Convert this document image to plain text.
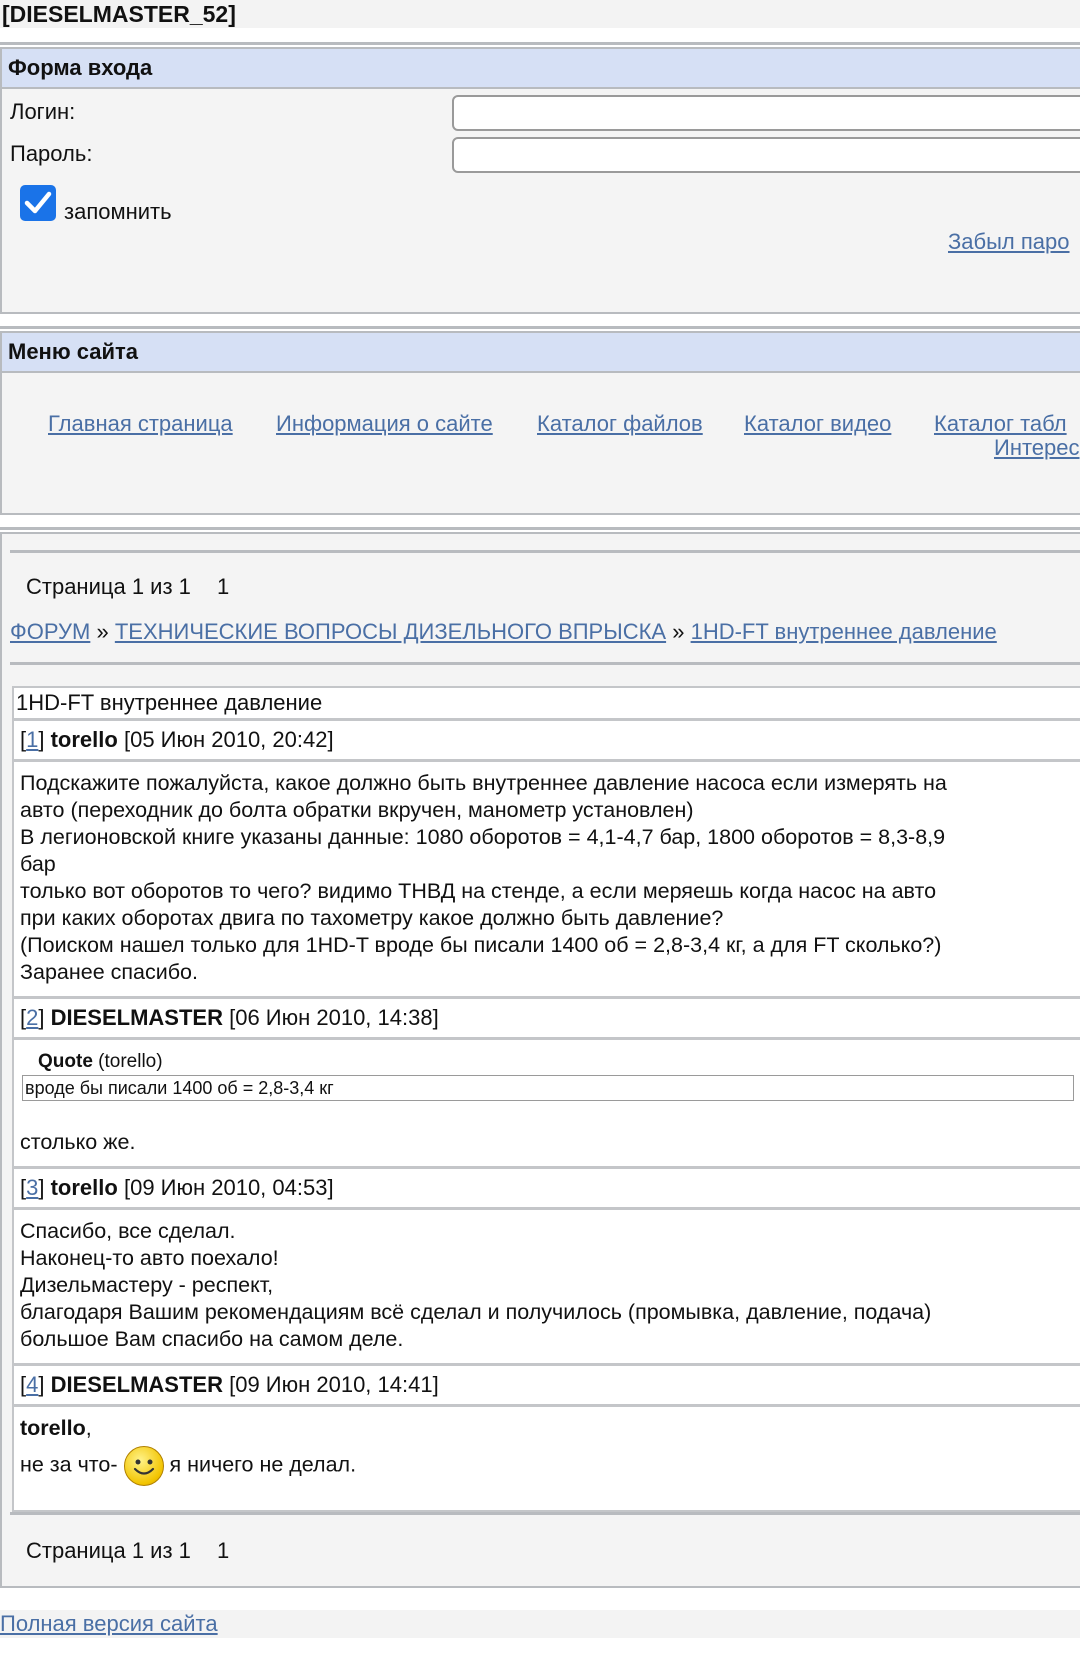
[DIESELMASTER_52]
Форма входа
Логин:
Пароль:
запомнить
Забыл паро
Меню сайта
Главная страница Информация о сайте Каталог файлов Каталог видео Каталог табл
Интерес
Страница 1 из 1 1
ФОРУМ » ТЕХНИЧЕСКИЕ ВОПРОСЫ ДИЗЕЛЬНОГО ВПРЫСКА » 1HD-FT внутреннее давление
1HD-FT внутреннее давление
[1] torello [05 Июн 2010, 20:42]
Подскажите пожалуйста, какое должно быть внутреннее давление насоса если измерять на
авто (переходник до болта обратки вкручен, манометр установлен)
В легионовской книге указаны данные: 1080 оборотов = 4,1-4,7 бар, 1800 оборотов = 8,3-8,9
бар
только вот оборотов то чего? видимо ТНВД на стенде, а если меряешь когда насос на авто
при каких оборотах двига по тахометру какое должно быть давление?
(Поиском нашел только для 1HD-T вроде бы писали 1400 об = 2,8-3,4 кг, а для FT сколько?)
Заранее спасибо.
[2] DIESELMASTER [06 Июн 2010, 14:38]
Quote (torello)
вроде бы писали 1400 об = 2,8-3,4 кг
столько же.
[3] torello [09 Июн 2010, 04:53]
Спасибо, все сделал.
Наконец-то авто поехало!
Дизельмастеру - респект,
благодаря Вашим рекомендациям всё сделал и получилось (промывка, давление, подача)
большое Вам спасибо на самом деле.
[4] DIESELMASTER [09 Июн 2010, 14:41]
torello,
не за что- я ничего не делал.
Страница 1 из 1 1
Полная версия сайта
